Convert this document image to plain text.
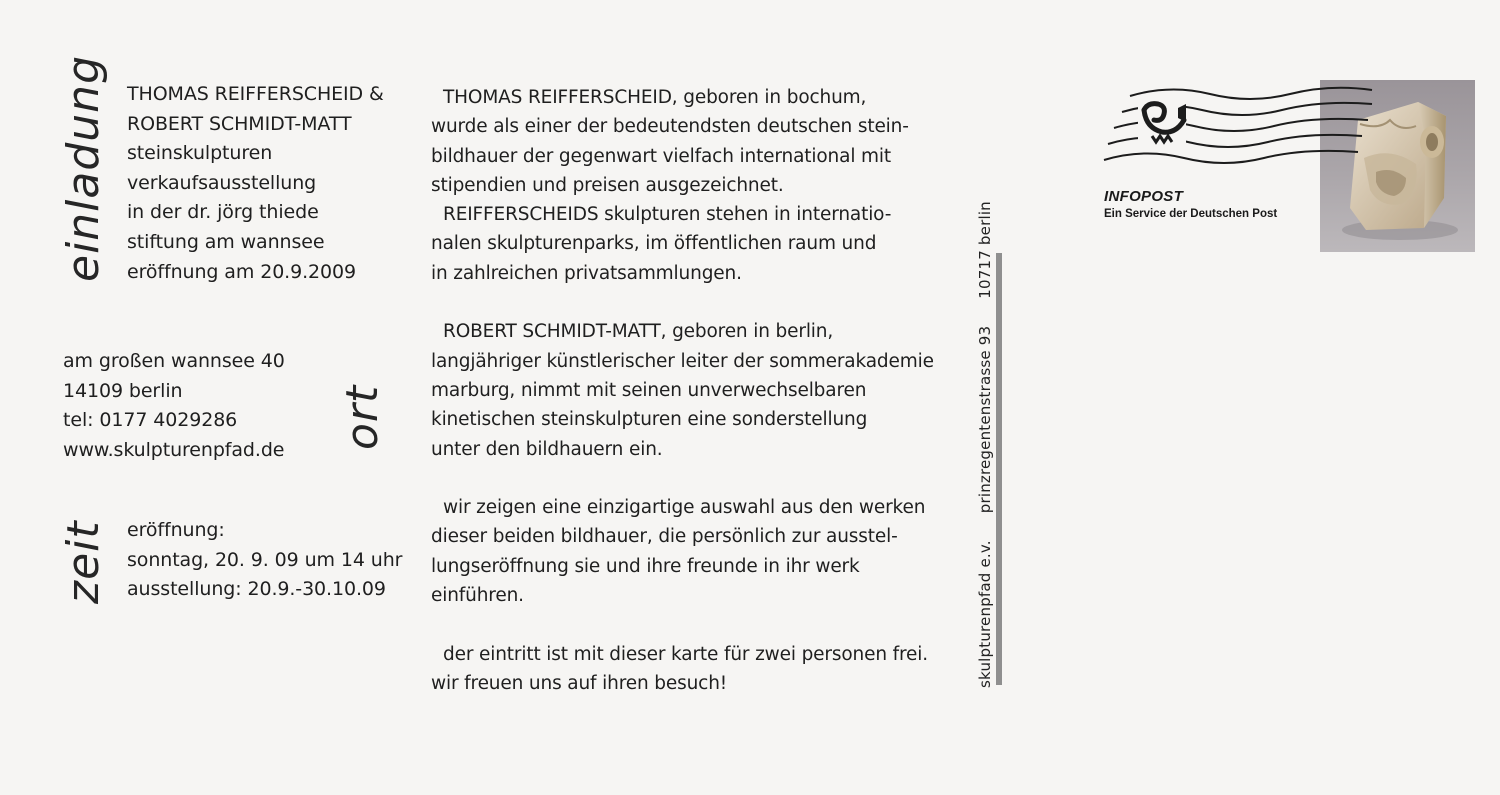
einladung
ort
zeit
THOMAS REIFFERSCHEID &
ROBERT SCHMIDT-MATT
steinskulpturen
verkaufsausstellung
in der dr. jörg thiede
stiftung am wannsee
eröffnung am 20.9.2009
am großen wannsee 40
14109 berlin
tel: 0177 4029286
www.skulpturenpfad.de
eröffnung:
sonntag, 20. 9. 09 um 14 uhr
ausstellung: 20.9.-30.10.09
THOMAS REIFFERSCHEID, geboren in bochum,
wurde als einer der bedeutendsten deutschen stein-
bildhauer der gegenwart vielfach international mit
stipendien und preisen ausgezeichnet.
REIFFERSCHEIDS skulpturen stehen in internatio-
nalen skulpturenparks, im öffentlichen raum und
in zahlreichen privatsammlungen.
ROBERT SCHMIDT-MATT, geboren in berlin,
langjähriger künstlerischer leiter der sommerakademie
marburg, nimmt mit seinen unverwechselbaren
kinetischen steinskulpturen eine sonderstellung
unter den bildhauern ein.
wir zeigen eine einzigartige auswahl aus den werken
dieser beiden bildhauer, die persönlich zur ausstel-
lungseröffnung sie und ihre freunde in ihr werk
einführen.
der eintritt ist mit dieser karte für zwei personen frei.
wir freuen uns auf ihren besuch!	skulpturenpfad e.v. prinzregentenstrasse 93 10717 berlin
INFOPOST
Ein Service der Deutschen Post
